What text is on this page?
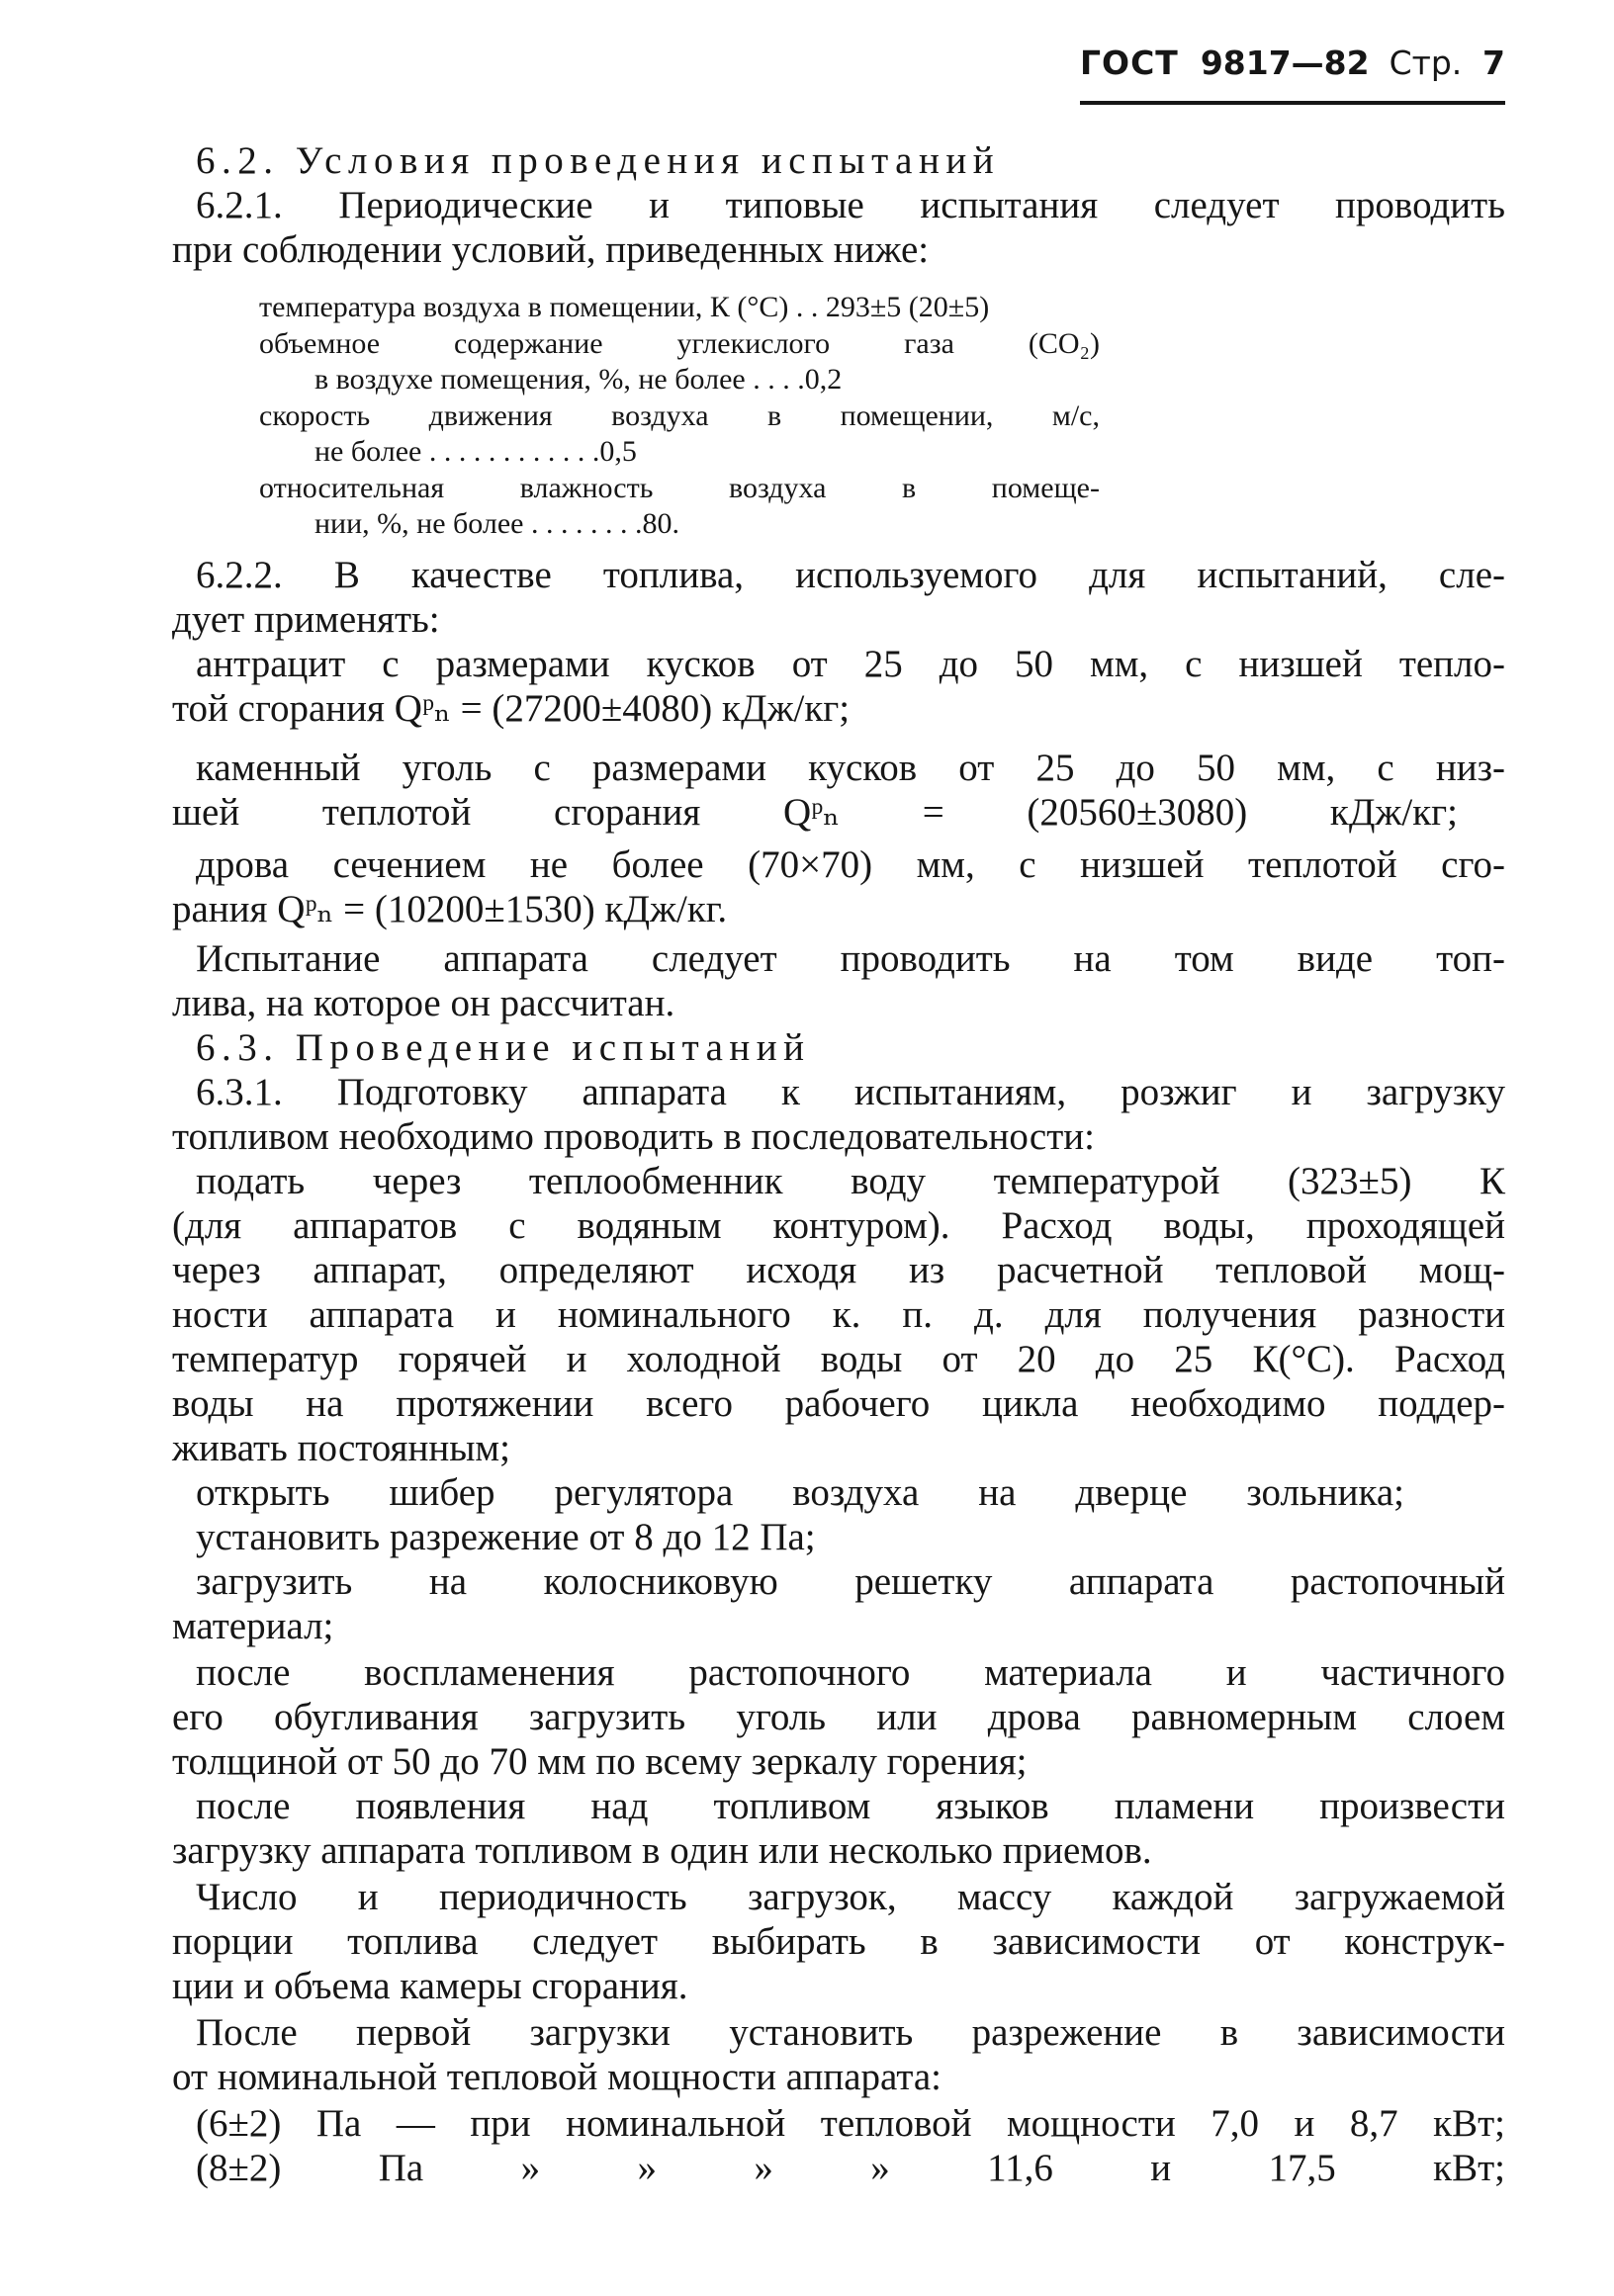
ГОСТ 9817—82 Стр. 7
6.2. Условия проведения испытаний
6.2.1. Периодические и типовые испытания следует проводить
при соблюдении условий, приведенных ниже:
температура воздуха в помещении, К (°С) . . 293±5 (20±5)
объемное содержание углекислого газа (СО₂)
в воздухе помещения, %, не более . . . .0,2
скорость движения воздуха в помещении, м/с,
не более . . . . . . . . . . . .0,5
относительная влажность воздуха в помеще-
нии, %, не более . . . . . . . .80.
6.2.2. В качестве топлива, используемого для испытаний, сле-
дует применять:
антрацит с размерами кусков от 25 до 50 мм, с низшей тепло-
той сгорания Qᵖₙ = (27200±4080) кДж/кг;
каменный уголь с размерами кусков от 25 до 50 мм, с низ-
шей теплотой сгорания Qᵖₙ = (20560±3080) кДж/кг;
дрова сечением не более (70×70) мм, с низшей теплотой сго-
рания Qᵖₙ = (10200±1530) кДж/кг.
Испытание аппарата следует проводить на том виде топ-
лива, на которое он рассчитан.
6.3. Проведение испытаний
6.3.1. Подготовку аппарата к испытаниям, розжиг и загрузку
топливом необходимо проводить в последовательности:
подать через теплообменник воду температурой (323±5) К
(для аппаратов с водяным контуром). Расход воды, проходящей
через аппарат, определяют исходя из расчетной тепловой мощ-
ности аппарата и номинального к. п. д. для получения разности
температур горячей и холодной воды от 20 до 25 К(°С). Расход
воды на протяжении всего рабочего цикла необходимо поддер-
живать постоянным;
открыть шибер регулятора воздуха на дверце зольника;
установить разрежение от 8 до 12 Па;
загрузить на колосниковую решетку аппарата растопочный
материал;
после воспламенения растопочного материала и частичного
его обугливания загрузить уголь или дрова равномерным слоем
толщиной от 50 до 70 мм по всему зеркалу горения;
после появления над топливом языков пламени произвести
загрузку аппарата топливом в один или несколько приемов.
Число и периодичность загрузок, массу каждой загружаемой
порции топлива следует выбирать в зависимости от конструк-
ции и объема камеры сгорания.
После первой загрузки установить разрежение в зависимости
от номинальной тепловой мощности аппарата:
(6±2) Па — при номинальной тепловой мощности 7,0 и 8,7 кВт;
(8±2) Па » » » » 11,6 и 17,5 кВт;
